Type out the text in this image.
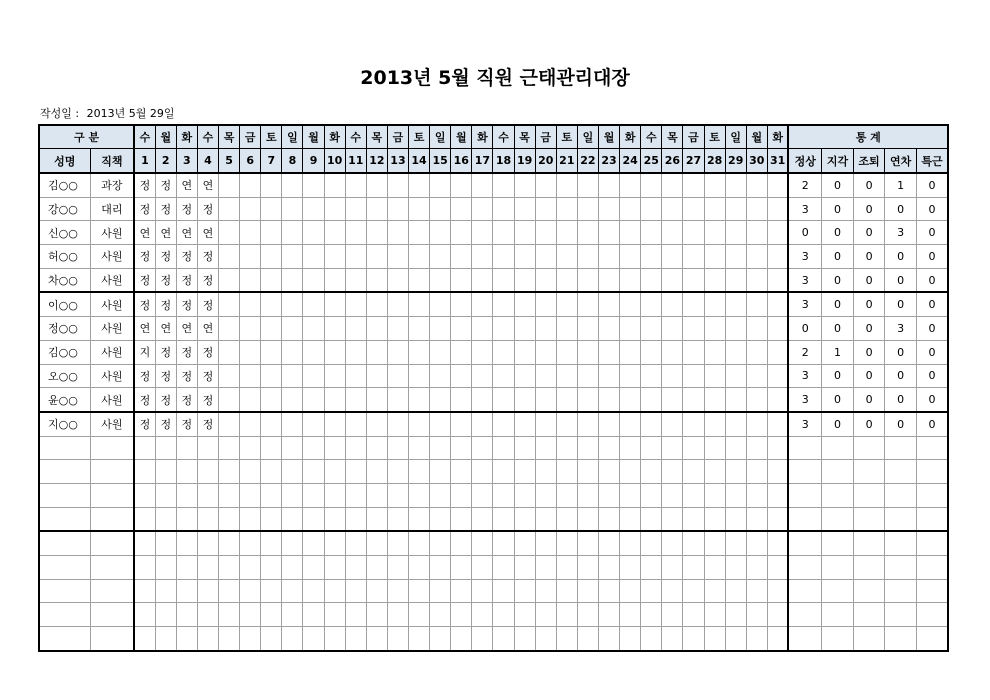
2013년 5월 직원 근태관리대장
작성일 : 2013년 5월 29일
구 분		수	월	화	수	목	금	토	일	월	화	수	목	금	토	일	월	화	수	목	금	토	일	월	화	수	목	금	토	일	월	화	통 계				
성명	직책	1	2	3	4	5	6	7	8	9	10	11	12	13	14	15	16	17	18	19	20	21	22	23	24	25	26	27	28	29	30	31	정상	지각	조퇴	연차	특근
김○○	과장	정	정	연	연																												2	0	0	1	0
강○○	대리	정	정	정	정																												3	0	0	0	0
신○○	사원	연	연	연	연																												0	0	0	3	0
허○○	사원	정	정	정	정																												3	0	0	0	0
차○○	사원	정	정	정	정																												3	0	0	0	0
이○○	사원	정	정	정	정																												3	0	0	0	0
정○○	사원	연	연	연	연																												0	0	0	3	0
김○○	사원	지	정	정	정																												2	1	0	0	0
오○○	사원	정	정	정	정																												3	0	0	0	0
윤○○	사원	정	정	정	정																												3	0	0	0	0
지○○	사원	정	정	정	정																												3	0	0	0	0
